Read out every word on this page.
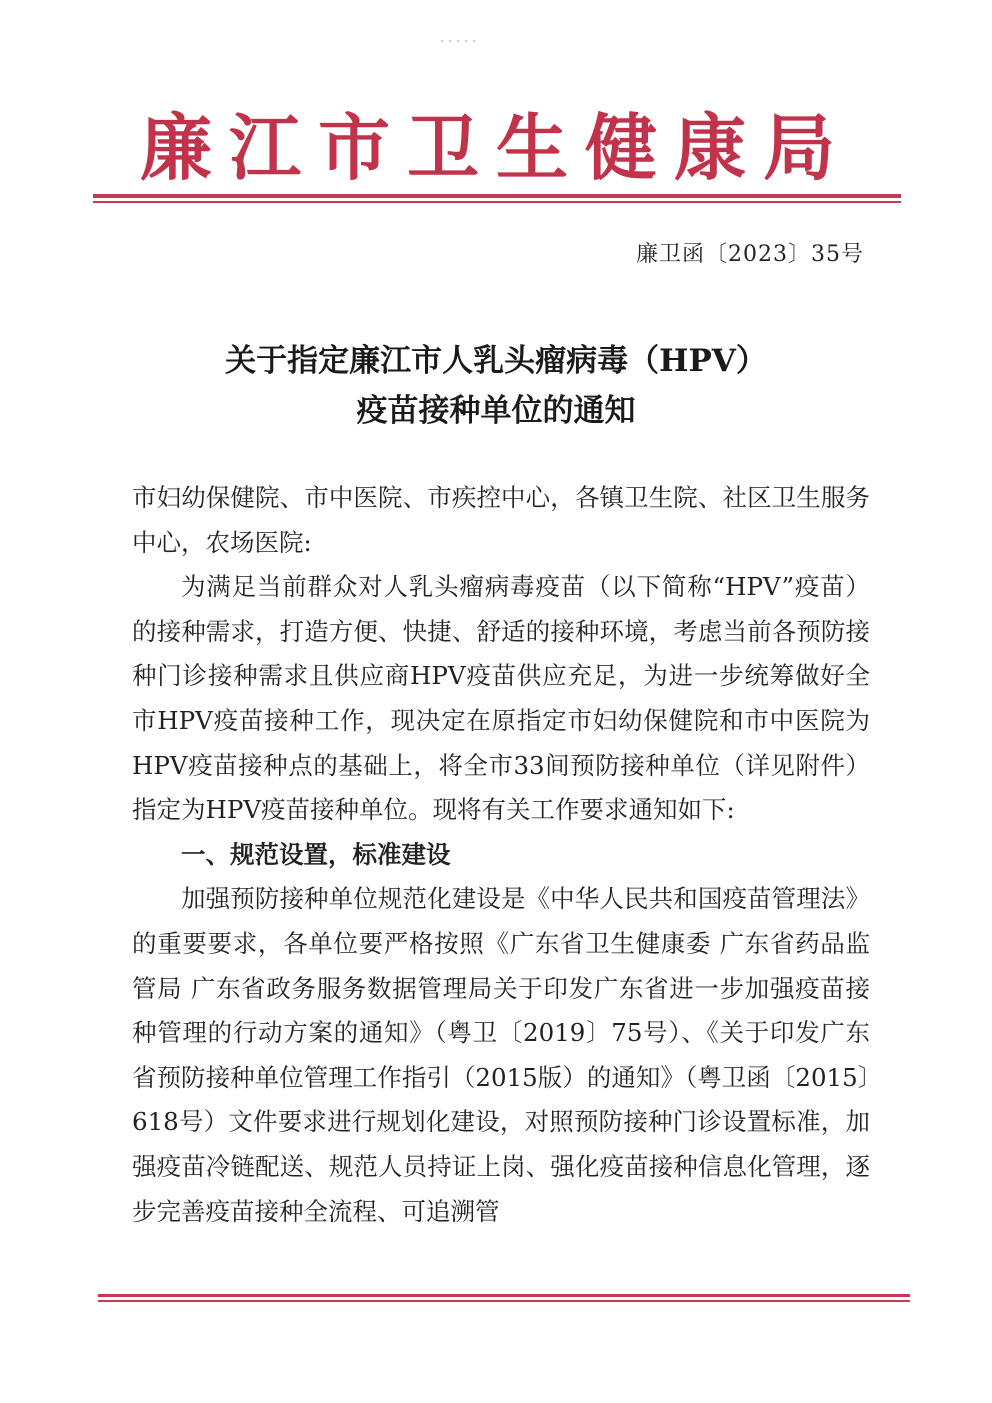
廉江市卫生健康局
廉卫函〔2023〕35号
关于指定廉江市人乳头瘤病毒（HPV）
疫苗接种单位的通知

市妇幼保健院、市中医院、市疾控中心，各镇卫生院、社区卫生服务中心，农场医院:

为满足当前群众对人乳头瘤病毒疫苗（以下简称“HPV”疫苗）的接种需求，打造方便、快捷、舒适的接种环境，考虑当前各预防接种门诊接种需求且供应商HPV疫苗供应充足，为进一步统筹做好全市HPV疫苗接种工作，现决定在原指定市妇幼保健院和市中医院为HPV疫苗接种点的基础上，将全市33间预防接种单位（详见附件）指定为HPV疫苗接种单位。现将有关工作要求通知如下:

一、规范设置，标准建设

加强预防接种单位规范化建设是《中华人民共和国疫苗管理法》的重要要求，各单位要严格按照《广东省卫生健康委 广东省药品监管局 广东省政务服务数据管理局关于印发广东省进一步加强疫苗接种管理的行动方案的通知》（粤卫〔2019〕75号）、《关于印发广东省预防接种单位管理工作指引（2015版）的通知》（粤卫函〔2015〕618号）文件要求进行规划化建设，对照预防接种门诊设置标准，加强疫苗冷链配送、规范人员持证上岗、强化疫苗接种信息化管理，逐步完善疫苗接种全流程、可追溯管
